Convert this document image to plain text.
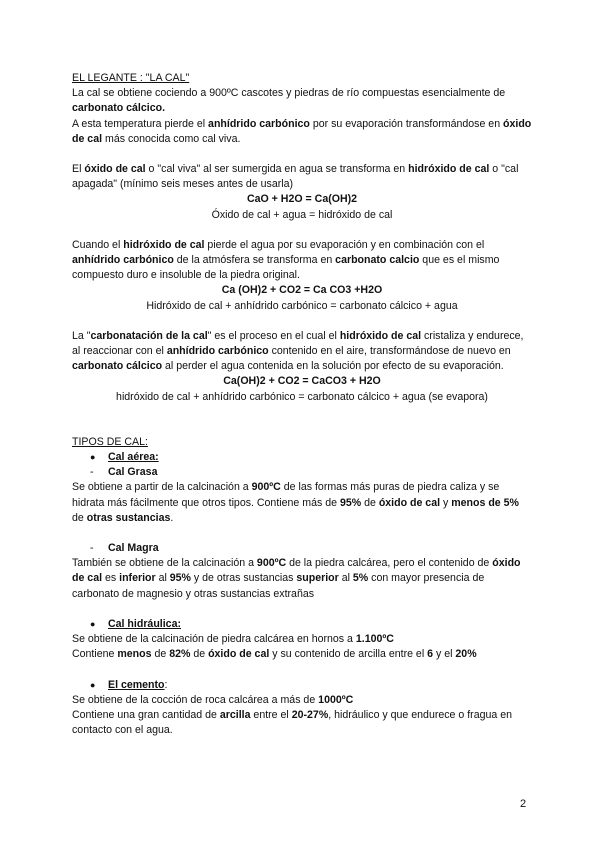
EL LEGANTE : "LA CAL"

La cal se obtiene cociendo a 900ºC cascotes y piedras de río compuestas esencialmente de carbonato cálcico.

A esta temperatura pierde el anhídrido carbónico por su evaporación transformándose en óxido de cal más conocida como cal viva.

El óxido de cal o "cal viva" al ser sumergida en agua se transforma en hidróxido de cal o "cal apagada" (mínimo seis meses antes de usarla)

CaO + H2O = Ca(OH)2

Óxido de cal + agua = hidróxido de cal

Cuando el hidróxido de cal pierde el agua por su evaporación y en combinación con el anhídrido carbónico de la atmósfera se transforma en carbonato calcio que es el mismo compuesto duro e insoluble de la piedra original.

Ca (OH)2 + CO2 = Ca CO3 +H2O

Hidróxido de cal + anhídrido carbónico = carbonato cálcico + agua

La "carbonatación de la cal" es el proceso en el cual el hidróxido de cal cristaliza y endurece, al reaccionar con el anhídrido carbónico contenido en el aire, transformándose de nuevo en carbonato cálcico al perder el agua contenida en la solución por efecto de su evaporación.

Ca(OH)2 + CO2 = CaCO3 + H2O

hidróxido de cal + anhídrido carbónico = carbonato cálcico + agua (se evapora)

TIPOS DE CAL:

●	Cal aérea:
-	Cal Grasa

Se obtiene a partir de la calcinación a 900ºC de las formas más puras de piedra caliza y se hidrata más fácilmente que otros tipos. Contiene más de 95% de óxido de cal y menos de 5% de otras sustancias.

-	Cal Magra

También se obtiene de la calcinación a 900ºC de la piedra calcárea, pero el contenido de óxido de cal es inferior al 95% y de otras sustancias superior al 5% con mayor presencia de carbonato de magnesio y otras sustancias extrañas

●	Cal hidráulica:

Se obtiene de la calcinación de piedra calcárea en hornos a 1.100ºC

Contiene menos de 82% de óxido de cal y su contenido de arcilla entre el 6 y el 20%

●	El cemento:

Se obtiene de la cocción de roca calcárea a más de 1000ºC

Contiene una gran cantidad de arcilla entre el 20-27%, hidráulico y que endurece o fragua en contacto con el agua.

2
